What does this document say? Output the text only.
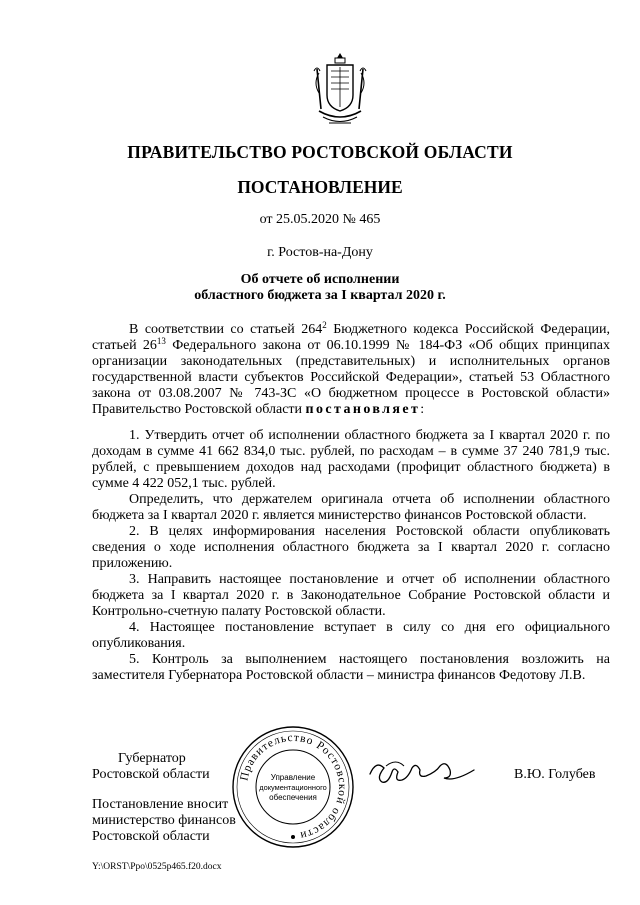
ПРАВИТЕЛЬСТВО РОСТОВСКОЙ ОБЛАСТИ
ПОСТАНОВЛЕНИЕ
от 25.05.2020 № 465
г. Ростов-на-Дону
Об отчете об исполнении
областного бюджета за I квартал 2020 г.

В соответствии со статьей $264^2$ Бюджетного кодекса Российской Федерации, статьей $26^{13}$ Федерального закона от 06.10.1999 № 184-ФЗ «Об общих принципах организации законодательных (представительных) и исполнительных органов государственной власти субъектов Российской Федерации», статьей 53 Областного закона от 03.08.2007 № 743-ЗС «О бюджетном процессе в Ростовской области» Правительство Ростовской области постановляет:

1. Утвердить отчет об исполнении областного бюджета за I квартал 2020 г. по доходам в сумме 41 662 834,0 тыс. рублей, по расходам – в сумме 37 240 781,9 тыс. рублей, с превышением доходов над расходами (профицит областного бюджета) в сумме 4 422 052,1 тыс. рублей.

Определить, что держателем оригинала отчета об исполнении областного бюджета за I квартал 2020 г. является министерство финансов Ростовской области.

2. В целях информирования населения Ростовской области опубликовать сведения о ходе исполнения областного бюджета за I квартал 2020 г. согласно приложению.

3. Направить настоящее постановление и отчет об исполнении областного бюджета за I квартал 2020 г. в Законодательное Собрание Ростовской области и Контрольно-счетную палату Ростовской области.

4. Настоящее постановление вступает в силу со дня его официального опубликования.

5. Контроль за выполнением настоящего постановления возложить на заместителя Губернатора Ростовской области – министра финансов Федотову Л.В.

Губернатор
Ростовской области	Правительство Ростовской области
Управление
документационного
обеспечения
В.Ю. Голубев
Постановление вносит
министерство финансов
Ростовской области
Y:\ORST\Ppo\0525p465.f20.docx
